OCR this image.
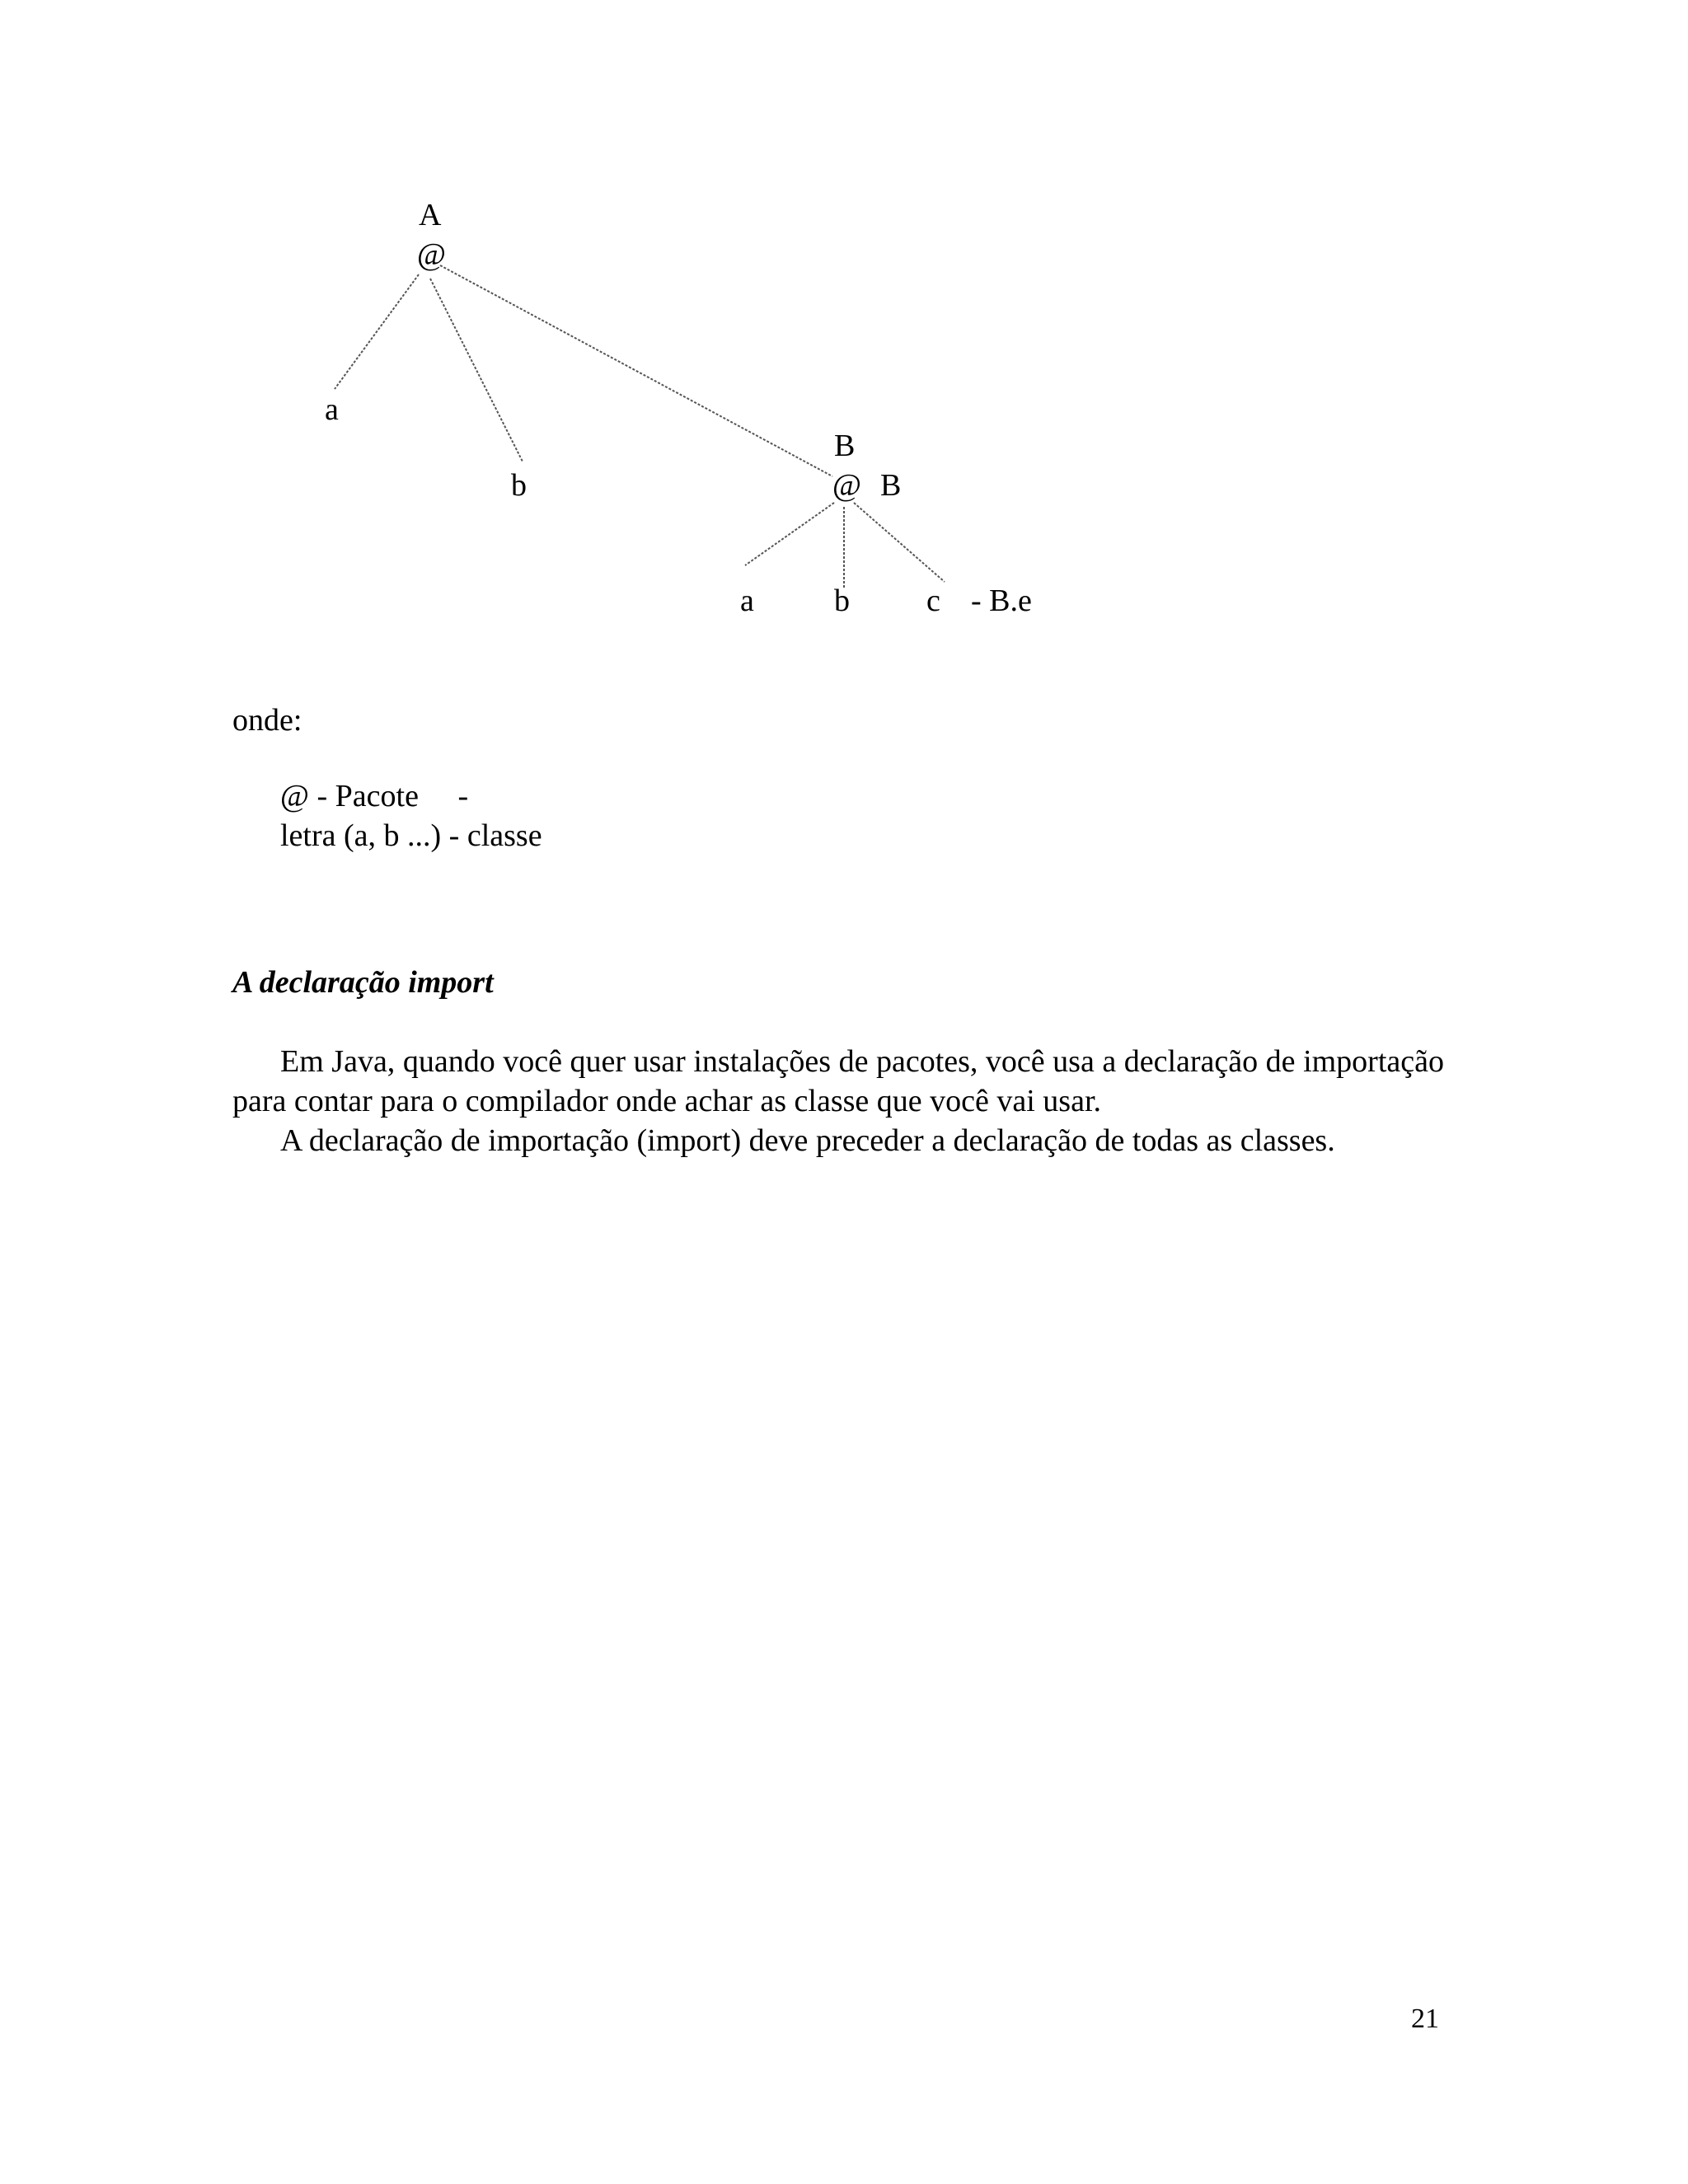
A
@
a
b
B
@ B
a	b c - B.e
onde:
@ - Pacote     -
letra (a, b ...) - classe
A declaração import
Em Java, quando você quer usar instalações de pacotes, você usa a declaração de importação para contar para o compilador onde achar as classe que você vai usar.
A declaração de importação (import) deve preceder a declaração de todas as classes.
21
